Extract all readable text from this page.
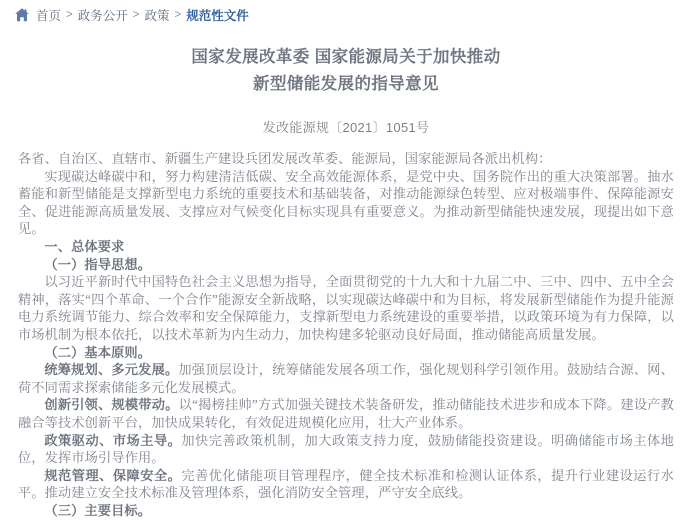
首页 > 政务公开 > 政策 > 规范性文件
国家发展改革委 国家能源局关于加快推动
新型储能发展的指导意见
发改能源规〔2021〕1051号

各省、自治区、直辖市、新疆生产建设兵团发展改革委、能源局，国家能源局各派出机构：

实现碳达峰碳中和，努力构建清洁低碳、安全高效能源体系，是党中央、国务院作出的重大决策部署。抽水蓄能和新型储能是支撑新型电力系统的重要技术和基础装备，对推动能源绿色转型、应对极端事件、保障能源安全、促进能源高质量发展、支撑应对气候变化目标实现具有重要意义。为推动新型储能快速发展，现提出如下意见。

一、总体要求

（一）指导思想。

以习近平新时代中国特色社会主义思想为指导，全面贯彻党的十九大和十九届二中、三中、四中、五中全会精神，落实“四个革命、一个合作”能源安全新战略，以实现碳达峰碳中和为目标，将发展新型储能作为提升能源电力系统调节能力、综合效率和安全保障能力，支撑新型电力系统建设的重要举措，以政策环境为有力保障，以市场机制为根本依托，以技术革新为内生动力，加快构建多轮驱动良好局面，推动储能高质量发展。

（二）基本原则。

统筹规划、多元发展。加强顶层设计，统筹储能发展各项工作，强化规划科学引领作用。鼓励结合源、网、荷不同需求探索储能多元化发展模式。

创新引领、规模带动。以“揭榜挂帅”方式加强关键技术装备研发，推动储能技术进步和成本下降。建设产教融合等技术创新平台，加快成果转化，有效促进规模化应用，壮大产业体系。

政策驱动、市场主导。加快完善政策机制，加大政策支持力度，鼓励储能投资建设。明确储能市场主体地位，发挥市场引导作用。

规范管理、保障安全。完善优化储能项目管理程序，健全技术标准和检测认证体系，提升行业建设运行水平。推动建立安全技术标准及管理体系，强化消防安全管理，严守安全底线。

（三）主要目标。
